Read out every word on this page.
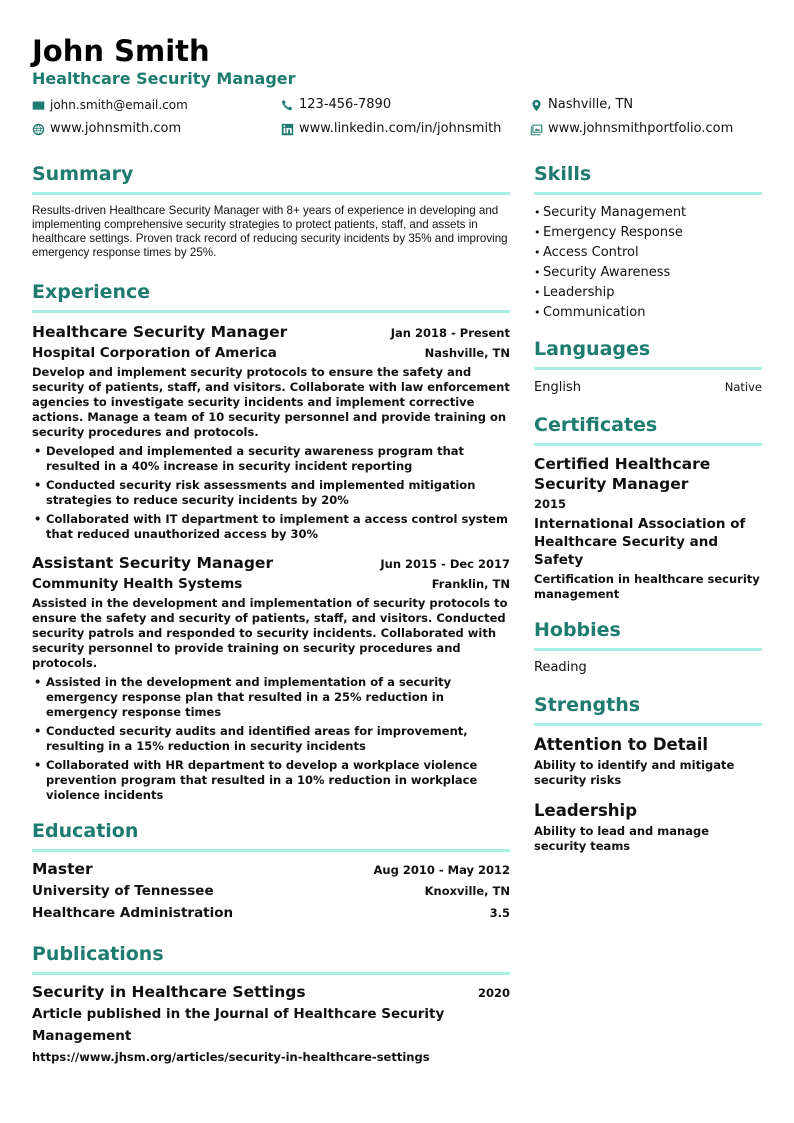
John Smith
Healthcare Security Manager
john.smith@email.com	123-456-7890	Nashville, TN
www.johnsmith.com	www.linkedin.com/in/johnsmith	www.johnsmithportfolio.com
Summary
Results-driven Healthcare Security Manager with 8+ years of experience in developing and implementing comprehensive security strategies to protect patients, staff, and assets in healthcare settings. Proven track record of reducing security incidents by 35% and improving emergency response times by 25%.
Experience
Healthcare Security Manager	Jan 2018 - Present
Hospital Corporation of America	Nashville, TN
Develop and implement security protocols to ensure the safety and security of patients, staff, and visitors. Collaborate with law enforcement agencies to investigate security incidents and implement corrective actions. Manage a team of 10 security personnel and provide training on security procedures and protocols.
• Developed and implemented a security awareness program that resulted in a 40% increase in security incident reporting
• Conducted security risk assessments and implemented mitigation strategies to reduce security incidents by 20%
• Collaborated with IT department to implement a access control system that reduced unauthorized access by 30%
Assistant Security Manager	Jun 2015 - Dec 2017
Community Health Systems	Franklin, TN
Assisted in the development and implementation of security protocols to ensure the safety and security of patients, staff, and visitors. Conducted security patrols and responded to security incidents. Collaborated with security personnel to provide training on security procedures and protocols.
• Assisted in the development and implementation of a security emergency response plan that resulted in a 25% reduction in emergency response times
• Conducted security audits and identified areas for improvement, resulting in a 15% reduction in security incidents
• Collaborated with HR department to develop a workplace violence prevention program that resulted in a 10% reduction in workplace violence incidents
Education
Master	Aug 2010 - May 2012
University of Tennessee	Knoxville, TN
Healthcare Administration	3.5
Publications
Security in Healthcare Settings	2020
Article published in the Journal of Healthcare Security Management
https://www.jhsm.org/articles/security-in-healthcare-settings
Skills
• Security Management
• Emergency Response
• Access Control
• Security Awareness
• Leadership
• Communication
Languages
English	Native
Certificates
Certified Healthcare Security Manager
2015
International Association of Healthcare Security and Safety
Certification in healthcare security management
Hobbies
Reading
Strengths
Attention to Detail
Ability to identify and mitigate security risks
Leadership
Ability to lead and manage security teams
